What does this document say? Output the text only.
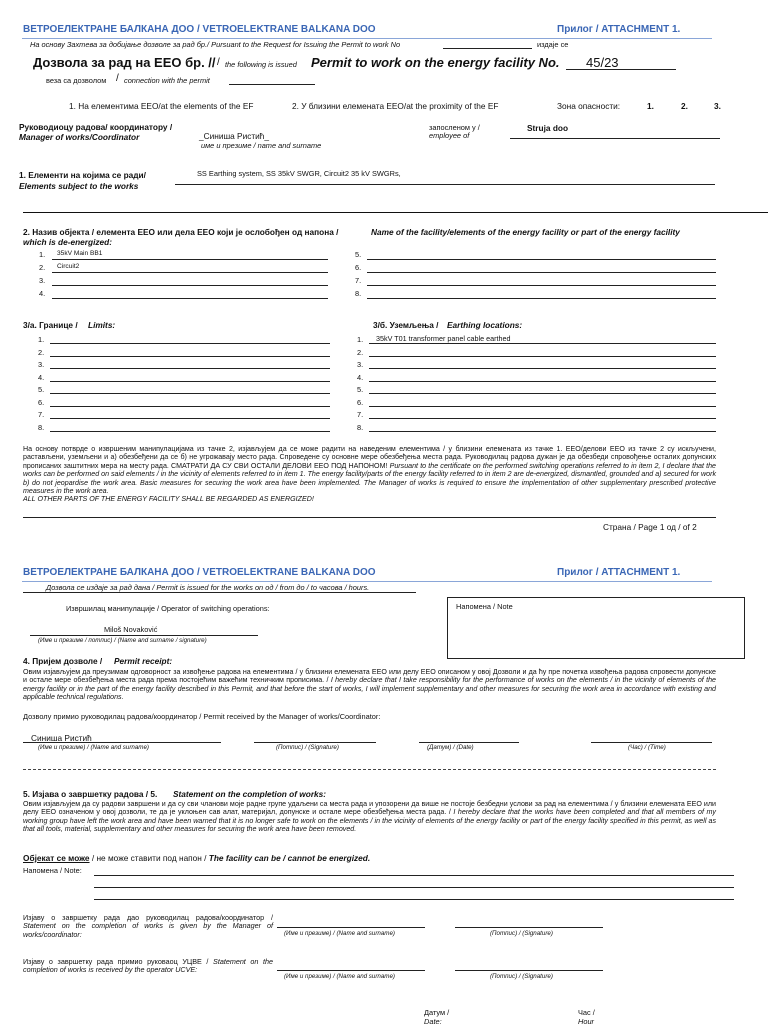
ВЕТРОЕЛЕКТРАНЕ БАЛКАНА ДОО / VETROELEKTRANE BALKANA DOO	Прилог / ATTACHMENT 1.
На основу Захтева за добијање дозволе за рад бр./ Pursuant to the Request for Issuing the Permit to work No	издаје се
Дозвола за рад на ЕЕО бр. // / the following is issued Permit to work on the energy facility No. 45/23
веза са дозволом / connection with the permit
1. На елементима ЕЕО/at the elements of the EF	2. У близини елемената ЕЕО/at the proximity of the EF	Зона опасности:	1.	2.	3.
Руководиоцу радова/ координатору /
Manager of works/Coordinator	_Синиша Ристић_
име и презиме / name and surname
запосленом у /
employee of
Struja doo
1. Елементи на којима се ради/
Elements subject to the works
SS Earthing system, SS 35kV SWGR, Circuit2 35 kV SWGRs,
2. Назив објекта / елемента ЕЕО или дела ЕЕО који је ослобођен од напона /	Name of the facility/elements of the energy facility or part of the energy facility
which is de-energized:
1. 35kV Main BB1
2. Circuit2
3.
4.
5.
6.
7.
8.
3/а. Границе / Limits:
1.
2.
3.
4.
5.
6.
7.
8.
3/б. Уземљења / Earthing locations:
1. 35kV T01 transformer panel cable earthed
2.
3.
4.
5.
6.
7.
8.
На основу потврде о извршеним манипулацијама из тачке 2, изјављујем да се може радити на наведеним елементима / у близини елемената из тачке 1. ЕЕО/делови ЕЕО из тачке 2 су искључени, растављени, уземљени и а) обезбеђени да се б) не угрожавају место рада. Спроведене су основне мере обезбеђења места рада. Руководилац радова дужан је да обезбеди спровођење осталих допунских прописаних заштитних мера на месту рада. СМАТРАТИ ДА СУ СВИ ОСТАЛИ ДЕЛОВИ ЕЕО ПОД НАПОНОМ! Pursuant to the certificate on the performed switching operations referred to in item 2, I declare that the works can be performed on said elements / in the vicinity of elements referred to in item 1. The energy facility/parts of the energy facility referred to in item 2 are de-energized, dismantled, grounded and a) secured for work b) do not jeopardise the work area. Basic measures for securing the work area have been implemented. The Manager of works is required to ensure the implementation of other supplementary prescribed protective measures in the work area.
ALL OTHER PARTS OF THE ENERGY FACILITY SHALL BE REGARDED AS ENERGIZED!
Страна / Page 1 од / of 2
ВЕТРОЕЛЕКТРАНЕ БАЛКАНА ДОО / VETROELEKTRANE BALKANA DOO	Прилог / ATTACHMENT 1.
Дозвола се издаје за рад дана / Permit is issued for the works on од / from до / to часова / hours.
Извршилац манипулације / Operator of switching operations:
Miloš Novaković
(Име и презиме / потпис) / (Name and surname / signature)
Напомена / Note
4. Пријем дозволе / Permit receipt:
Овим изјављујем да преузимам одговорност за извођење радова на елементима / у близини елемената ЕЕО или делу ЕЕО описаном у овој Дозволи и да ћу пре почетка извођења радова спровести допунске и остале мере обезбеђења места рада према постојећим важећим техничким прописима. / I hereby declare that I take responsibility for the performance of works on the elements / in the vicinity of elements of the energy facility or in the part of the energy facility described in this Permit, and that before the start of works, I will implement supplementary and other measures for securing the work area in accordance with existing and applicable technical regulations.
Дозволу примио руководилац радова/координатор / Permit received by the Manager of works/Coordinator:
Синиша Ристић
(Име и презиме) / (Name and surname)	(Потпис) / (Signature)	(Датум) / (Date)	(Час) / (Time)
5. Изјава о завршетку радова / 5. Statement on the completion of works:
Овим изјављујем да су радови завршени и да су сви чланови моје радне групе удаљени са места рада и упозорени да више не постоје безбедни услови за рад на елементима / у близини елемената ЕЕО или делу ЕЕО означеном у овој дозволи, те да је уклоњен сав алат, материјал, допунске и остале мере обезбеђења места рада. / I hereby declare that the works have been completed and that all members of my working group have left the work area and have been warned that it is no longer safe to work on the elements / in the vicinity of elements of the energy facility or part of the energy facility specified in this permit, as well as that all tools, material, supplementary and other measures for securing the work area have been removed.
Објекат се може / не може ставити под напон / The facility can be / cannot be energized.
Напомена / Note:
Изјаву о завршетку рада дао руководилац радова/координатор / Statement on the completion of works is given by the Manager of works/coordinator:	(Име и презиме) / (Name and surname)	(Потпис) / (Signature)
Изјаву о завршетку рада примио руковаоц УЦВЕ / Statement on the completion of works is received by the operator UCVE:
(Име и презиме) / (Name and surname)	(Потпис) / (Signature)
Датум /
Date:
Час /
Hour
